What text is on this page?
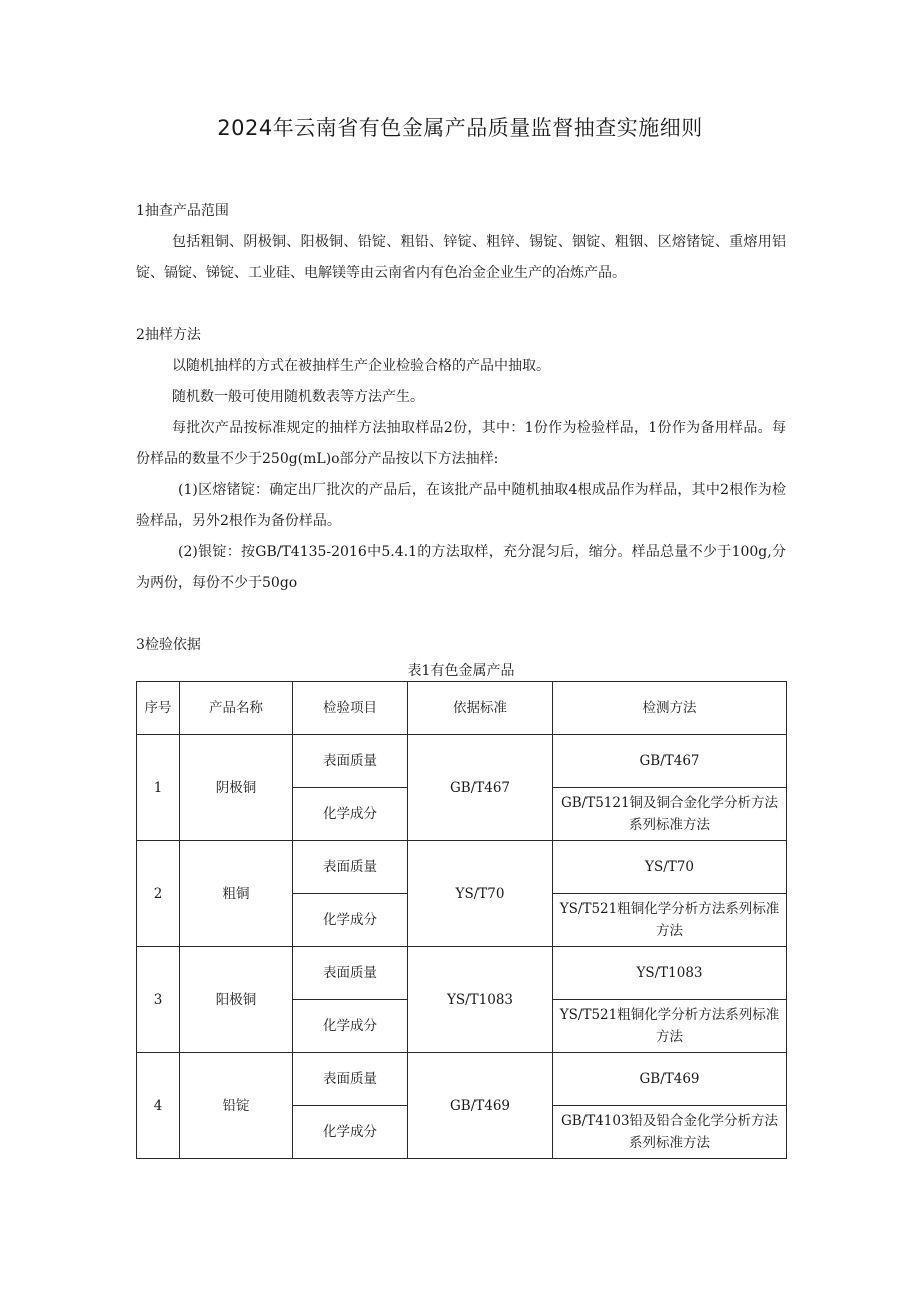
2024年云南省有色金属产品质量监督抽查实施细则
1抽查产品范围

包括粗铜、阴极铜、阳极铜、铅锭、粗铅、锌锭、粗锌、锡锭、铟锭、粗铟、区熔锗锭、重熔用铝锭、镉锭、锑锭、工业硅、电解镁等由云南省内有色冶金企业生产的冶炼产品。

2抽样方法

以随机抽样的方式在被抽样生产企业检验合格的产品中抽取。

随机数一般可使用随机数表等方法产生。

每批次产品按标准规定的抽样方法抽取样品2份，其中：1份作为检验样品，1份作为备用样品。每份样品的数量不少于250g(mL)o部分产品按以下方法抽样:

(1)区熔锗锭：确定出厂批次的产品后，在该批产品中随机抽取4根成品作为样品，其中2根作为检验样品，另外2根作为备份样品。

(2)银锭：按GB/T4135-2016中5.4.1的方法取样，充分混匀后，缩分。样品总量不少于100g,分为两份，每份不少于50go

3检验依据

表1有色金属产品

序号	产品名称	检验项目	依据标准	检测方法
1	阴极铜	表面质量	GB/T467	GB/T467
		化学成分		GB/T5121铜及铜合金化学分析方法系列标准方法
2	粗铜	表面质量	YS/T70	YS/T70
		化学成分		YS/T521粗铜化学分析方法系列标准方法
3	阳极铜	表面质量	YS/T1083	YS/T1083
		化学成分		YS/T521粗铜化学分析方法系列标准方法
4	铅锭	表面质量	GB/T469	GB/T469
		化学成分		GB/T4103铅及铅合金化学分析方法系列标准方法
